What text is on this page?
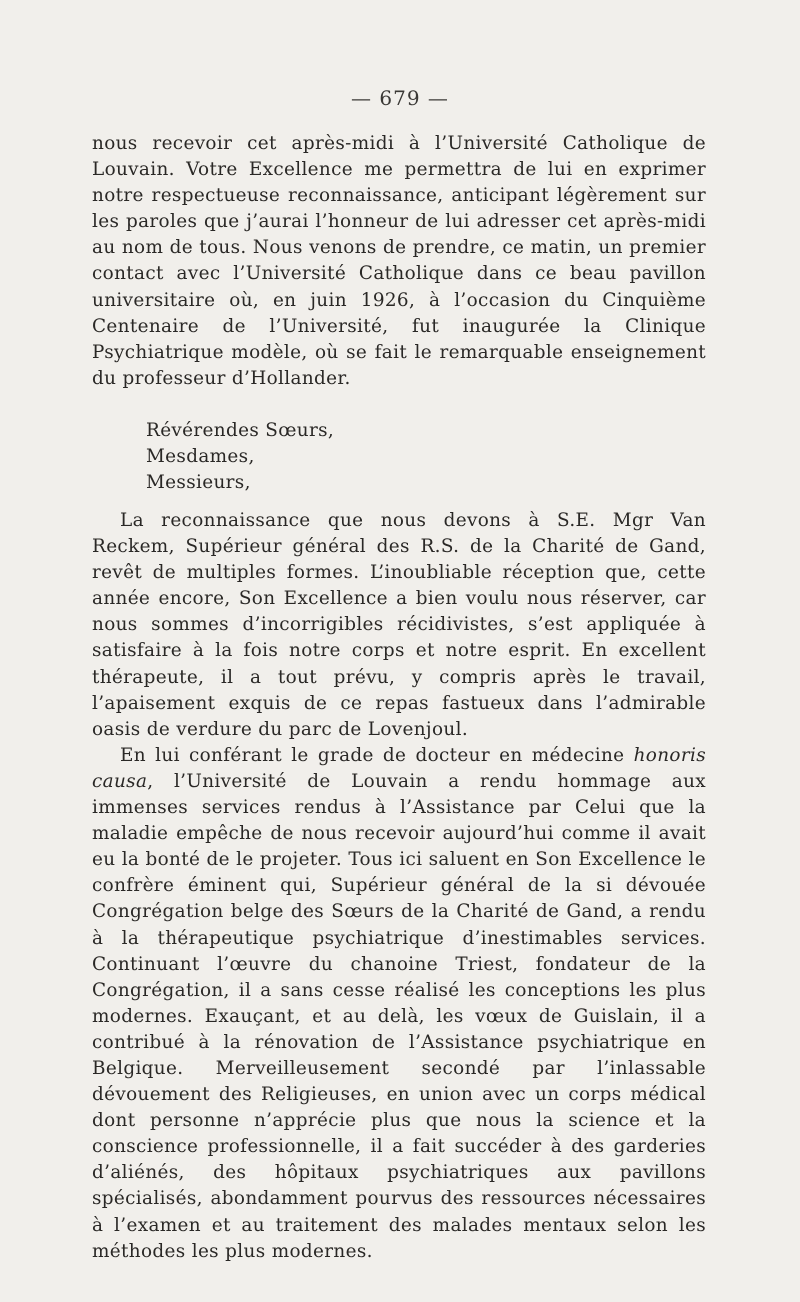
— 679 —

nous recevoir cet après-midi à l’Université Catholique de Louvain. Votre Excellence me permettra de lui en exprimer notre respectueuse reconnaissance, anticipant légèrement sur les paroles que j’aurai l’honneur de lui adresser cet après-midi au nom de tous. Nous venons de prendre, ce matin, un premier contact avec l’Université Catholique dans ce beau pavillon universitaire où, en juin 1926, à l’occasion du Cinquième Centenaire de l’Université, fut inaugurée la Clinique Psychiatrique modèle, où se fait le remarquable enseignement du professeur d’Hollander.

Révérendes Sœurs,
Mesdames,
Messieurs,

La reconnaissance que nous devons à S.E. Mgr Van Reckem, Supérieur général des R.S. de la Charité de Gand, revêt de multiples formes. L’inoubliable réception que, cette année encore, Son Excellence a bien voulu nous réserver, car nous sommes d’incorrigibles récidivistes, s’est appliquée à satisfaire à la fois notre corps et notre esprit. En excellent thérapeute, il a tout prévu, y compris après le travail, l’apaisement exquis de ce repas fastueux dans l’admirable oasis de verdure du parc de Lovenjoul.

En lui conférant le grade de docteur en médecine honoris causa, l’Université de Louvain a rendu hommage aux immenses services rendus à l’Assistance par Celui que la maladie empêche de nous recevoir aujourd’hui comme il avait eu la bonté de le projeter. Tous ici saluent en Son Excellence le confrère éminent qui, Supérieur général de la si dévouée Congrégation belge des Sœurs de la Charité de Gand, a rendu à la thérapeutique psychiatrique d’inestimables services. Continuant l’œuvre du chanoine Triest, fondateur de la Congrégation, il a sans cesse réalisé les conceptions les plus modernes. Exauçant, et au delà, les vœux de Guislain, il a contribué à la rénovation de l’Assistance psychiatrique en Belgique. Merveilleusement secondé par l’inlassable dévouement des Religieuses, en union avec un corps médical dont personne n’apprécie plus que nous la science et la conscience professionnelle, il a fait succéder à des garderies d’aliénés, des hôpitaux psychiatriques aux pavillons spécialisés, abondamment pourvus des ressources nécessaires à l’examen et au traitement des malades mentaux selon les méthodes les plus modernes.
